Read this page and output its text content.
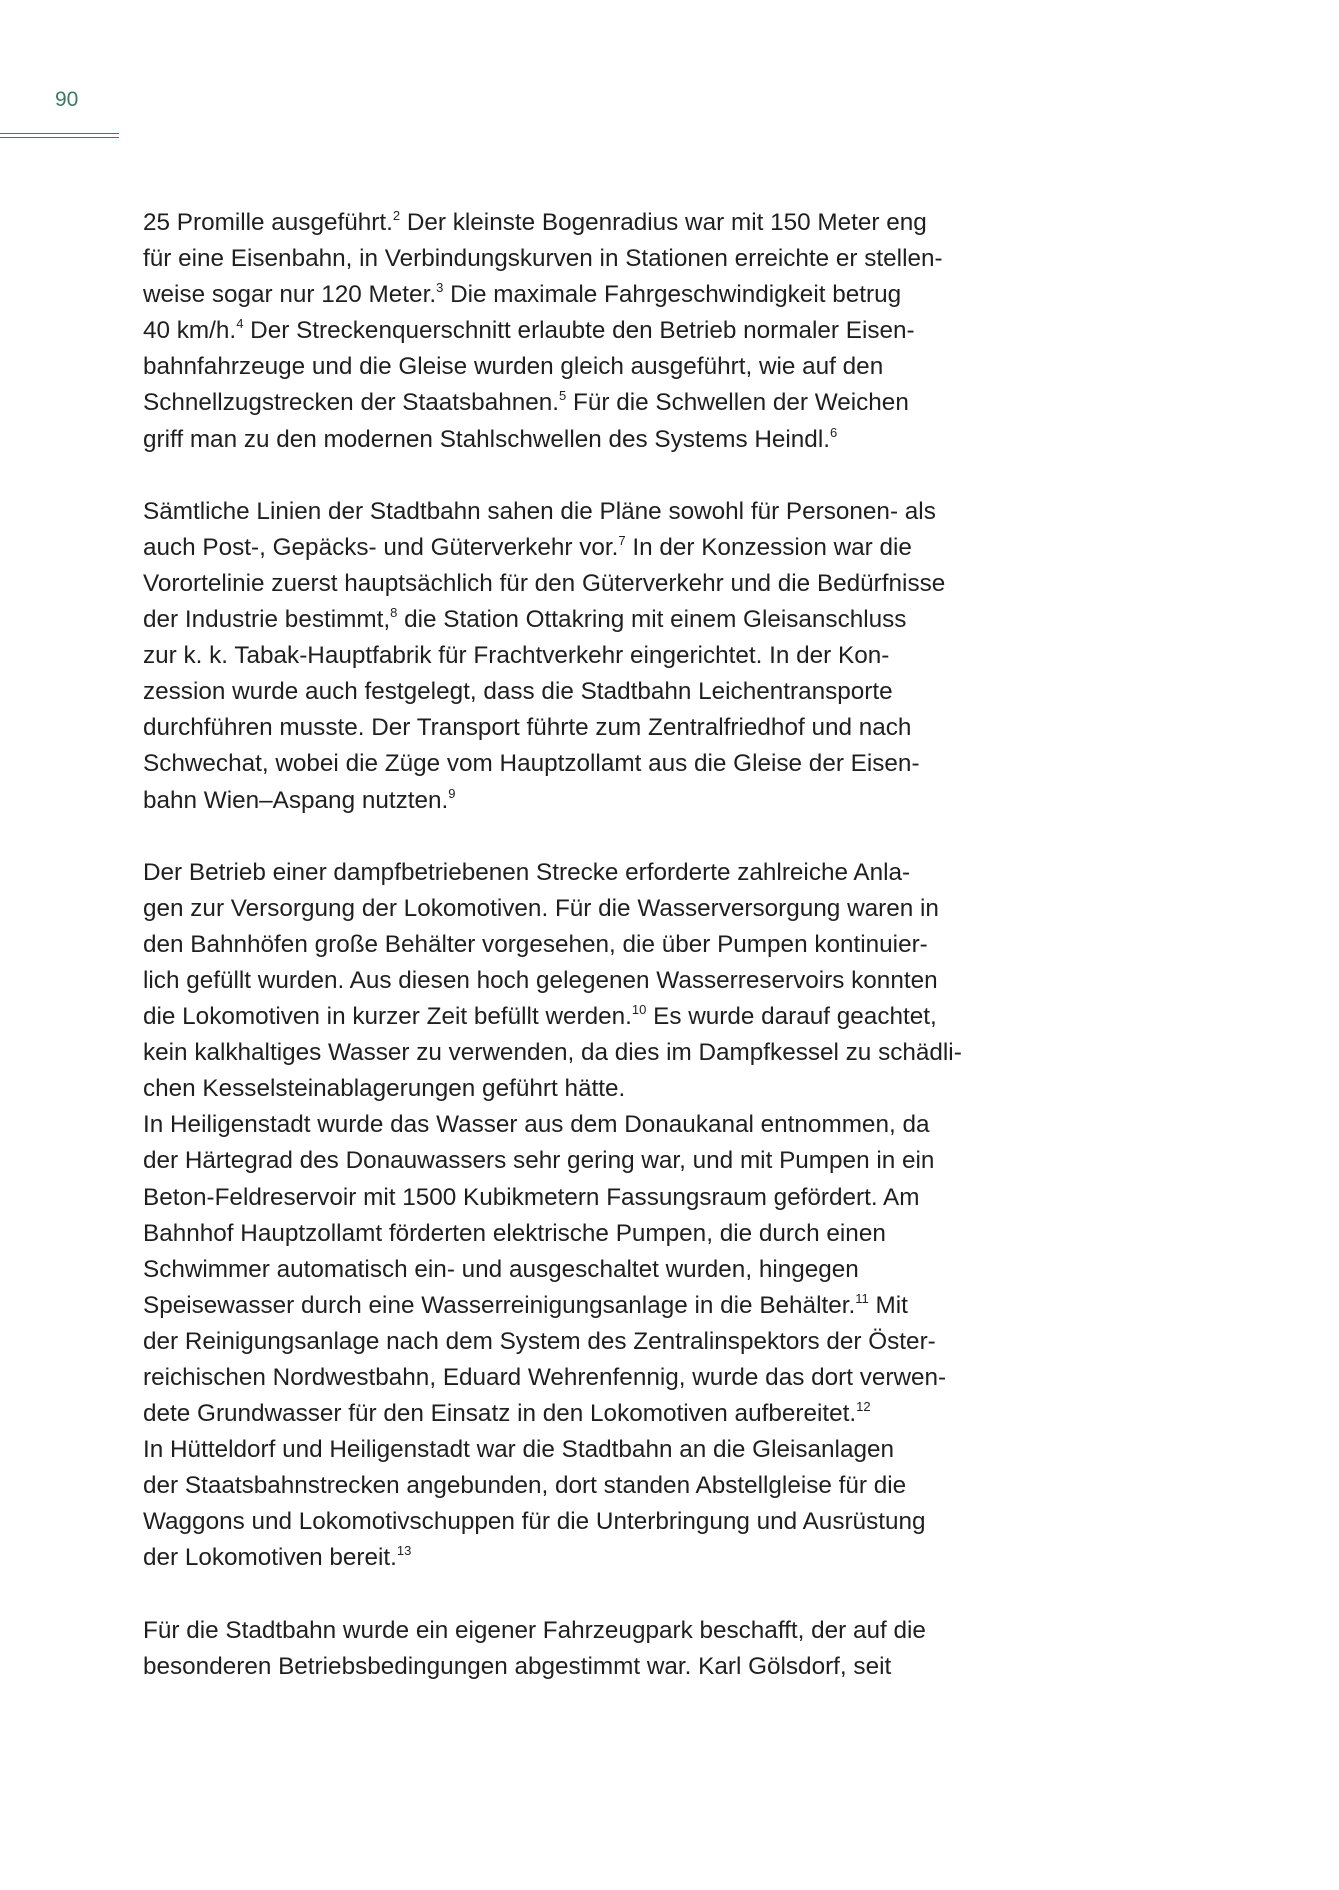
90
25 Promille ausgeführt.$^2$ Der kleinste Bogenradius war mit 150 Meter eng
für eine Eisenbahn, in Verbindungskurven in Stationen erreichte er stellen-
weise sogar nur 120 Meter.$^3$ Die maximale Fahrgeschwindigkeit betrug
40 km/h.$^4$ Der Streckenquerschnitt erlaubte den Betrieb normaler Eisen-
bahnfahrzeuge und die Gleise wurden gleich ausgeführt, wie auf den
Schnellzugstrecken der Staatsbahnen.$^5$ Für die Schwellen der Weichen
griff man zu den modernen Stahlschwellen des Systems Heindl.$^6$
Sämtliche Linien der Stadtbahn sahen die Pläne sowohl für Personen- als
auch Post-, Gepäcks- und Güterverkehr vor.$^7$ In der Konzession war die
Vorortelinie zuerst hauptsächlich für den Güterverkehr und die Bedürfnisse
der Industrie bestimmt,$^8$ die Station Ottakring mit einem Gleisanschluss
zur k. k. Tabak-Hauptfabrik für Frachtverkehr eingerichtet. In der Kon-
zession wurde auch festgelegt, dass die Stadtbahn Leichentransporte
durchführen musste. Der Transport führte zum Zentralfriedhof und nach
Schwechat, wobei die Züge vom Hauptzollamt aus die Gleise der Eisen-
bahn Wien–Aspang nutzten.$^9$
Der Betrieb einer dampfbetriebenen Strecke erforderte zahlreiche Anla-
gen zur Versorgung der Lokomotiven. Für die Wasserversorgung waren in
den Bahnhöfen große Behälter vorgesehen, die über Pumpen kontinuier-
lich gefüllt wurden. Aus diesen hoch gelegenen Wasserreservoirs konnten
die Lokomotiven in kurzer Zeit befüllt werden.$^{10}$ Es wurde darauf geachtet,
kein kalkhaltiges Wasser zu verwenden, da dies im Dampfkessel zu schädli-
chen Kesselsteinablagerungen geführt hätte.
In Heiligenstadt wurde das Wasser aus dem Donaukanal entnommen, da
der Härtegrad des Donauwassers sehr gering war, und mit Pumpen in ein
Beton-Feldreservoir mit 1500 Kubikmetern Fassungsraum gefördert. Am
Bahnhof Hauptzollamt förderten elektrische Pumpen, die durch einen
Schwimmer automatisch ein- und ausgeschaltet wurden, hingegen
Speisewasser durch eine Wasserreinigungsanlage in die Behälter.$^{11}$ Mit
der Reinigungsanlage nach dem System des Zentralinspektors der Öster-
reichischen Nordwestbahn, Eduard Wehrenfennig, wurde das dort verwen-
dete Grundwasser für den Einsatz in den Lokomotiven aufbereitet.$^{12}$
In Hütteldorf und Heiligenstadt war die Stadtbahn an die Gleisanlagen
der Staatsbahnstrecken angebunden, dort standen Abstellgleise für die
Waggons und Lokomotivschuppen für die Unterbringung und Ausrüstung
der Lokomotiven bereit.$^{13}$
Für die Stadtbahn wurde ein eigener Fahrzeugpark beschafft, der auf die
besonderen Betriebsbedingungen abgestimmt war. Karl Gölsdorf, seit
